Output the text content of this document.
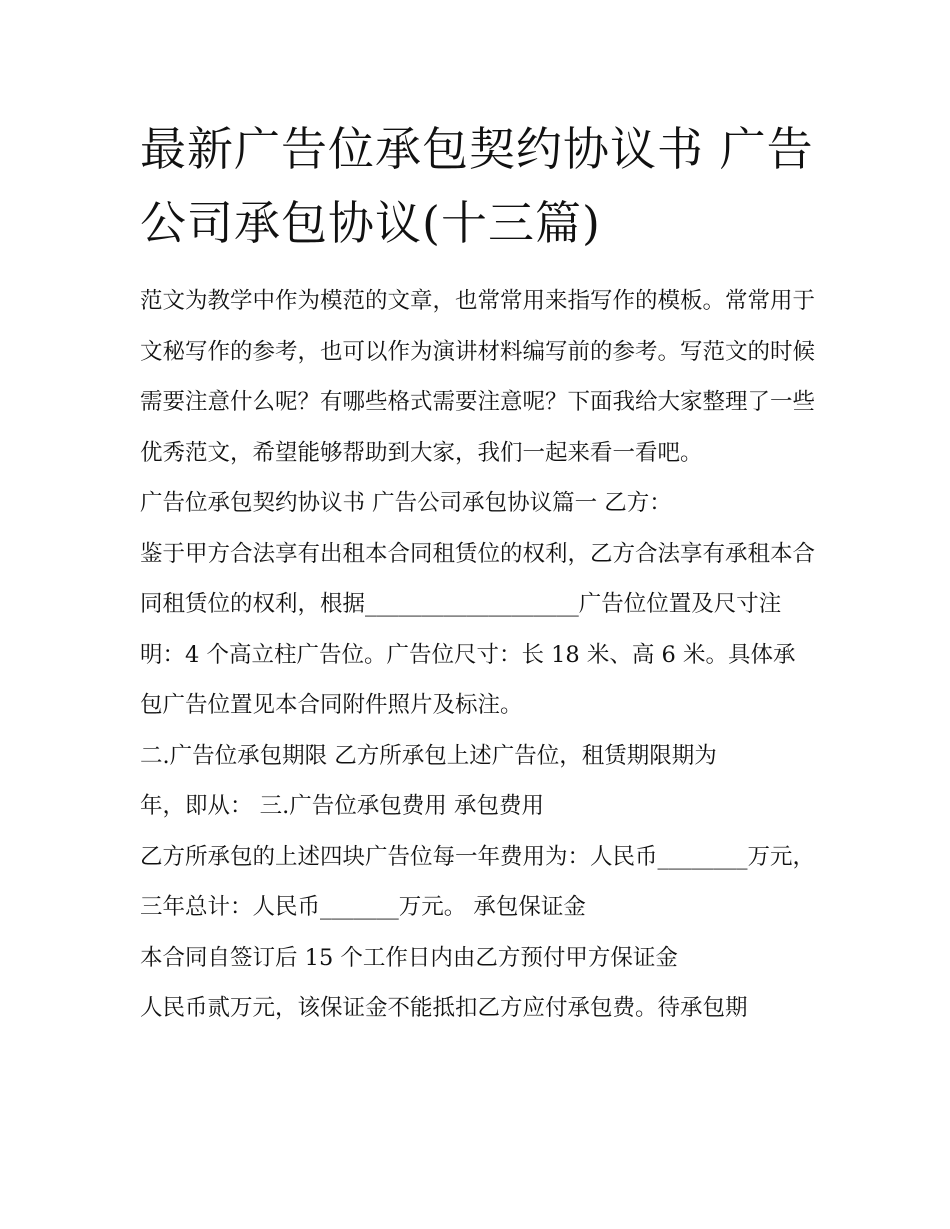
最新广告位承包契约协议书 广告公司承包协议(十三篇)

范文为教学中作为模范的文章，也常常用来指写作的模板。常常用于文秘写作的参考，也可以作为演讲材料编写前的参考。写范文的时候需要注意什么呢？有哪些格式需要注意呢？下面我给大家整理了一些优秀范文，希望能够帮助到大家，我们一起来看一看吧。

广告位承包契约协议书 广告公司承包协议篇一 乙方：

鉴于甲方合法享有出租本合同租赁位的权利，乙方合法享有承租本合同租赁位的权利，根据___________________广告位位置及尺寸注明：4 个高立柱广告位。广告位尺寸：长 18 米、高 6 米。具体承包广告位置见本合同附件照片及标注。

二.广告位承包期限 乙方所承包上述广告位，租赁期限期为

年，即从： 三.广告位承包费用 承包费用

乙方所承包的上述四块广告位每一年费用为：人民币________万元，三年总计：人民币_______万元。 承包保证金

本合同自签订后 15 个工作日内由乙方预付甲方保证金

人民币贰万元，该保证金不能抵扣乙方应付承包费。待承包期
